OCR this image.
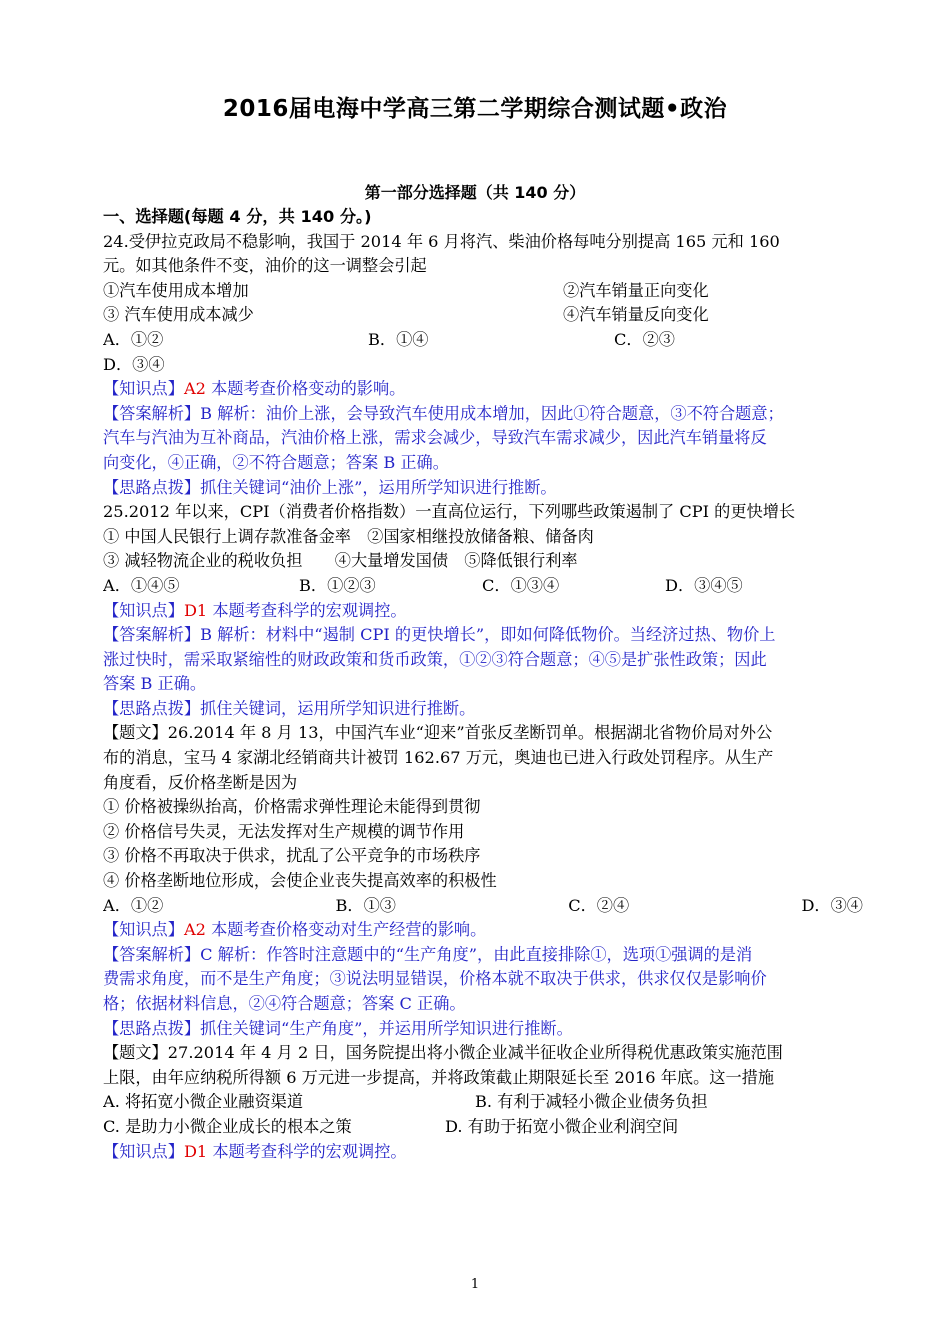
2016届电海中学高三第二学期综合测试题•政治
第一部分选择题（共 140 分）
一、选择题(每题 4 分，共 140 分。)
24.受伊拉克政局不稳影响，我国于 2014 年 6 月将汽、柴油价格每吨分别提高 165 元和 160
元。如其他条件不变，油价的这一调整会引起
①汽车使用成本增加	②汽车销量正向变化
③ 汽车使用成本减少	④汽车销量反向变化
A．①②	B．①④	C．②③
D．③④
【知识点】A2 本题考查价格变动的影响。
【答案解析】B 解析：油价上涨，会导致汽车使用成本增加，因此①符合题意，③不符合题意；
汽车与汽油为互补商品，汽油价格上涨，需求会减少，导致汽车需求减少，因此汽车销量将反
向变化，④正确，②不符合题意；答案 B 正确。
【思路点拨】抓住关键词“油价上涨”，运用所学知识进行推断。
25.2012 年以来，CPI（消费者价格指数）一直高位运行，下列哪些政策遏制了 CPI 的更快增长
① 中国人民银行上调存款准备金率　②国家相继投放储备粮、储备肉
③ 减轻物流企业的税收负担　　④大量增发国债　⑤降低银行利率
A．①④⑤	B．①②③	C．①③④	D．③④⑤
【知识点】D1 本题考查科学的宏观调控。
【答案解析】B 解析：材料中“遏制 CPI 的更快增长”，即如何降低物价。当经济过热、物价上
涨过快时，需采取紧缩性的财政政策和货币政策，①②③符合题意；④⑤是扩张性政策；因此
答案 B 正确。
【思路点拨】抓住关键词，运用所学知识进行推断。
【题文】26.2014 年 8 月 13，中国汽车业“迎来”首张反垄断罚单。根据湖北省物价局对外公
布的消息，宝马 4 家湖北经销商共计被罚 162.67 万元，奥迪也已进入行政处罚程序。从生产
角度看，反价格垄断是因为
① 价格被操纵抬高，价格需求弹性理论未能得到贯彻
② 价格信号失灵，无法发挥对生产规模的调节作用
③ 价格不再取决于供求，扰乱了公平竞争的市场秩序
④ 价格垄断地位形成，会使企业丧失提高效率的积极性
A．①②	B．①③	C．②④	D．③④
【知识点】A2 本题考查价格变动对生产经营的影响。
【答案解析】C 解析：作答时注意题中的“生产角度”，由此直接排除①，选项①强调的是消
费需求角度，而不是生产角度；③说法明显错误，价格本就不取决于供求，供求仅仅是影响价
格；依据材料信息，②④符合题意；答案 C 正确。
【思路点拨】抓住关键词“生产角度”，并运用所学知识进行推断。
【题文】27.2014 年 4 月 2 日，国务院提出将小微企业减半征收企业所得税优惠政策实施范围
上限，由年应纳税所得额 6 万元进一步提高，并将政策截止期限延长至 2016 年底。这一措施
A. 将拓宽小微企业融资渠道	B. 有利于减轻小微企业债务负担
C. 是助力小微企业成长的根本之策	D. 有助于拓宽小微企业利润空间
【知识点】D1 本题考查科学的宏观调控。
1
